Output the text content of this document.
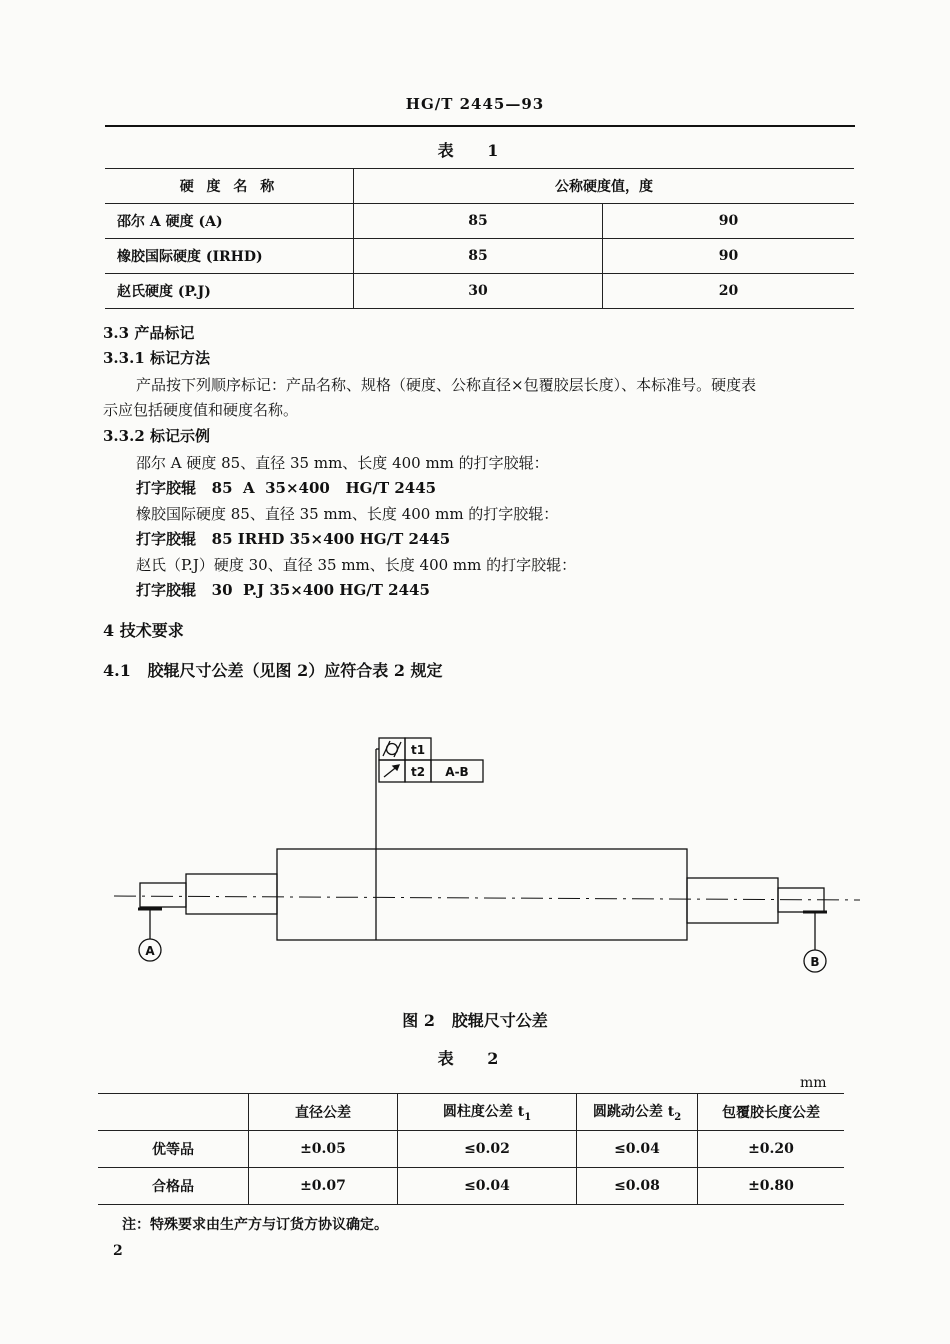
HG/T 2445—93
表 1
硬 度 名 称	公称硬度值，度	
邵尔 A 硬度 (A)	85	90
橡胶国际硬度 (IRHD)	85	90
赵氏硬度 (P.J)	30	20
3.3 产品标记
3.3.1 标记方法
产品按下列顺序标记：产品名称、规格（硬度、公称直径×包覆胶层长度）、本标准号。硬度表
示应包括硬度值和硬度名称。
3.3.2 标记示例
邵尔 A 硬度 85、直径 35 mm、长度 400 mm 的打字胶辊：
打字胶辊   85  A  35×400   HG/T 2445
橡胶国际硬度 85、直径 35 mm、长度 400 mm 的打字胶辊：
打字胶辊   85 IRHD 35×400 HG/T 2445
赵氏（P.J）硬度 30、直径 35 mm、长度 400 mm 的打字胶辊：
打字胶辊   30  P.J 35×400 HG/T 2445
4 技术要求
4.1   胶辊尺寸公差（见图 2）应符合表 2 规定
t1
t2 A-B
A
B
图 2   胶辊尺寸公差
表 2
mm
	直径公差	圆柱度公差 $t_1$	圆跳动公差 $t_2$	包覆胶长度公差
优等品	±0.05	≤0.02	≤0.04	±0.20
合格品	±0.07	≤0.04	≤0.08	±0.80
注：特殊要求由生产方与订货方协议确定。
2
